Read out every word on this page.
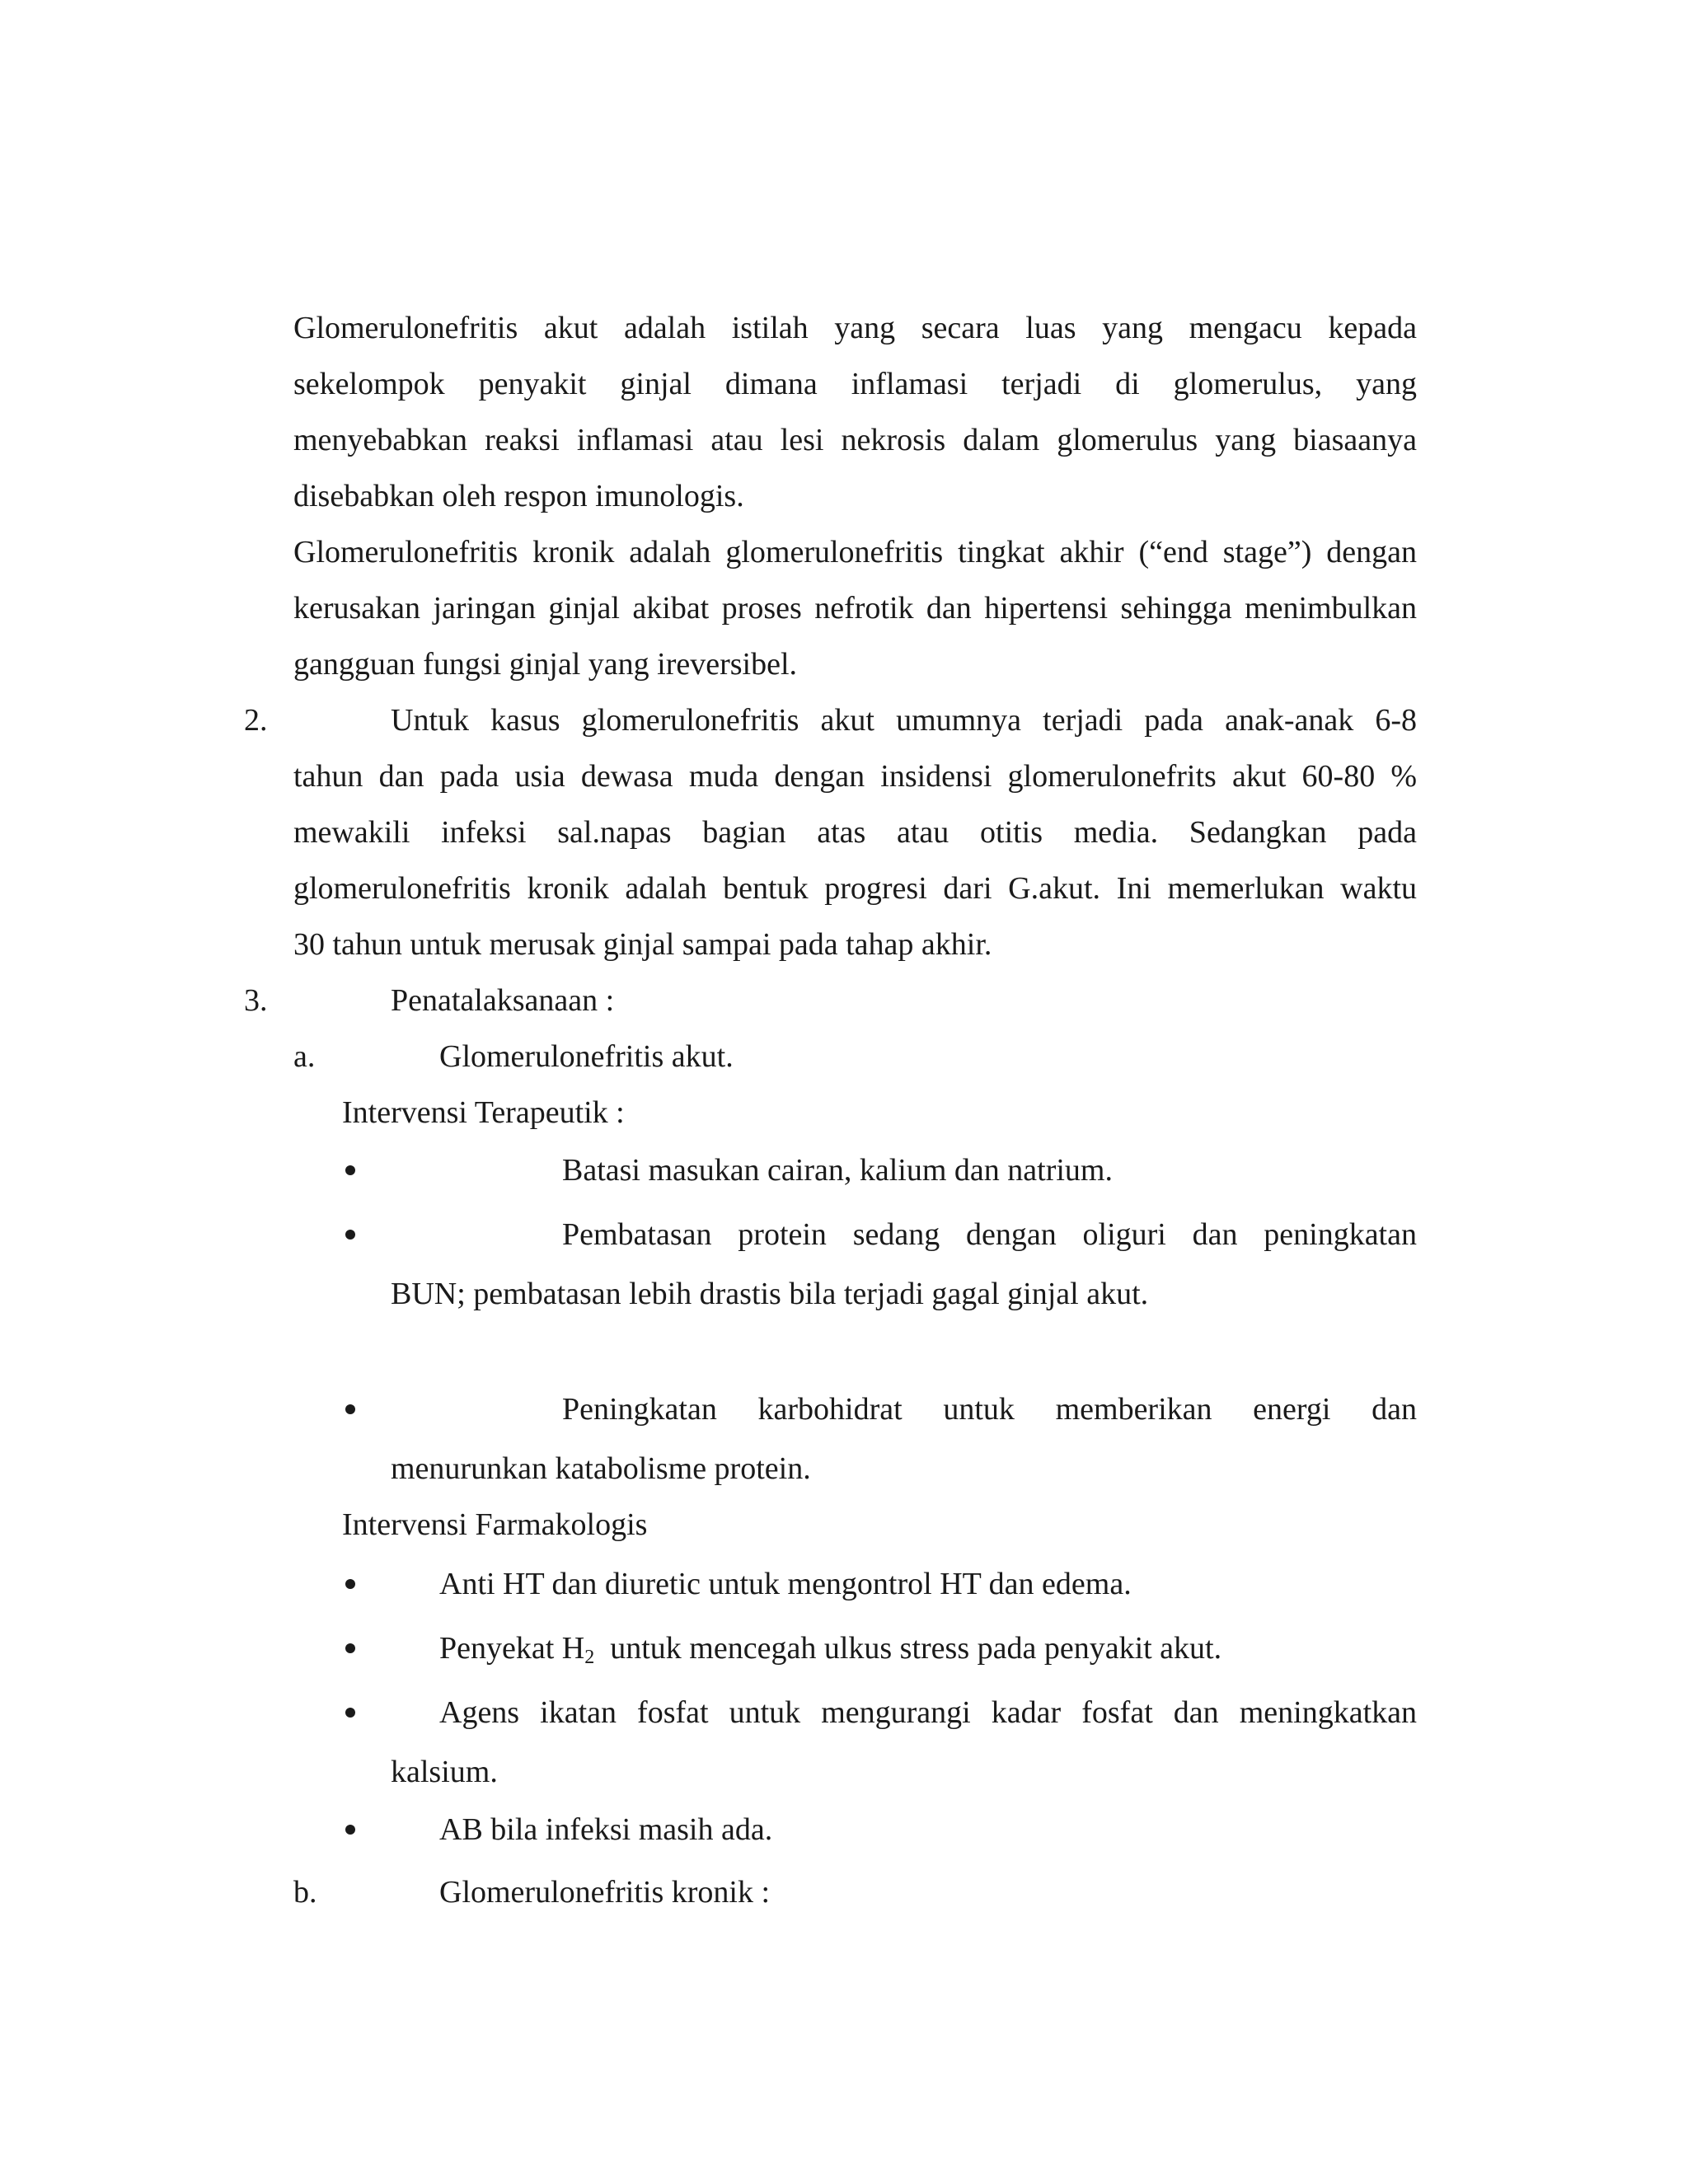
Glomerulonefritis akut adalah istilah yang secara luas yang mengacu kepada
sekelompok penyakit ginjal dimana inflamasi terjadi di glomerulus, yang
menyebabkan reaksi inflamasi atau lesi nekrosis dalam glomerulus yang biasaanya
disebabkan oleh respon imunologis.
Glomerulonefritis kronik adalah glomerulonefritis tingkat akhir (“end stage”) dengan
kerusakan jaringan ginjal akibat proses nefrotik dan hipertensi sehingga menimbulkan
gangguan fungsi ginjal yang ireversibel.
2.	Untuk kasus glomerulonefritis akut umumnya terjadi pada anak-anak 6-8
tahun dan pada usia dewasa muda dengan insidensi glomerulonefrits akut 60-80 %
mewakili infeksi sal.napas bagian atas atau otitis media. Sedangkan pada
glomerulonefritis kronik adalah bentuk progresi dari G.akut. Ini memerlukan waktu
30 tahun untuk merusak ginjal sampai pada tahap akhir.
3.	Penatalaksanaan :
a.	Glomerulonefritis akut.
Intervensi Terapeutik :
Batasi masukan cairan, kalium dan natrium.
Pembatasan protein sedang dengan oliguri dan peningkatan
BUN; pembatasan lebih drastis bila terjadi gagal ginjal akut.
Peningkatan karbohidrat untuk memberikan energi dan
menurunkan katabolisme protein.
Intervensi Farmakologis
Anti HT dan diuretic untuk mengontrol HT dan edema.
Penyekat $H_2$  untuk mencegah ulkus stress pada penyakit akut.
Agens ikatan fosfat untuk mengurangi kadar fosfat dan meningkatkan
kalsium.
AB bila infeksi masih ada.
b.	Glomerulonefritis kronik :
